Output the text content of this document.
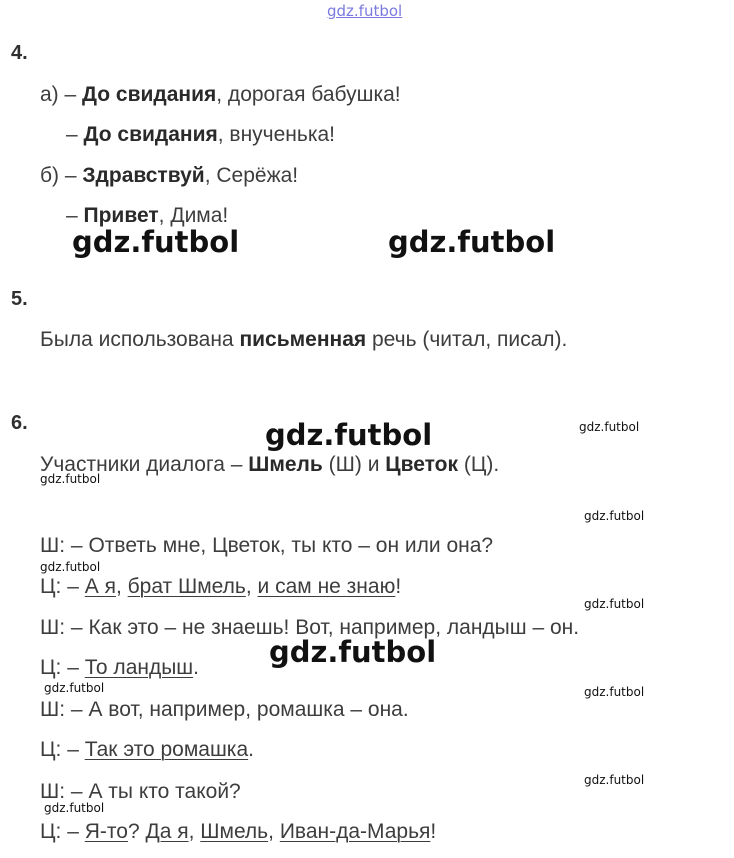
gdz.futbol
4.
а) – До свидания, дорогая бабушка!
– До свидания, внученька!
б) – Здравствуй, Серёжа!
– Привет, Дима!
gdz.futbol	gdz.futbol
5.
Была использована письменная речь (читал, писал).
6.	gdz.futbol	gdz.futbol
Участники диалога – Шмель (Ш) и Цветок (Ц).
gdz.futbol
gdz.futbol
Ш: – Ответь мне, Цветок, ты кто – он или она?
Ц: – А я, брат Шмель, и сам не знаю!
Ш: – Как это – не знаешь! Вот, например, ландыш – он.
Ц: – То ландыш.
Ш: – А вот, например, ромашка – она.
Ц: – Так это ромашка.
Ш: – А ты кто такой?
Ц: – Я-то? Да я, Шмель, Иван-да-Марья!
gdz.futbol
gdz.futbol
gdz.futbol
gdz.futbol	gdz.futbol
gdz.futbol
gdz.futbol
